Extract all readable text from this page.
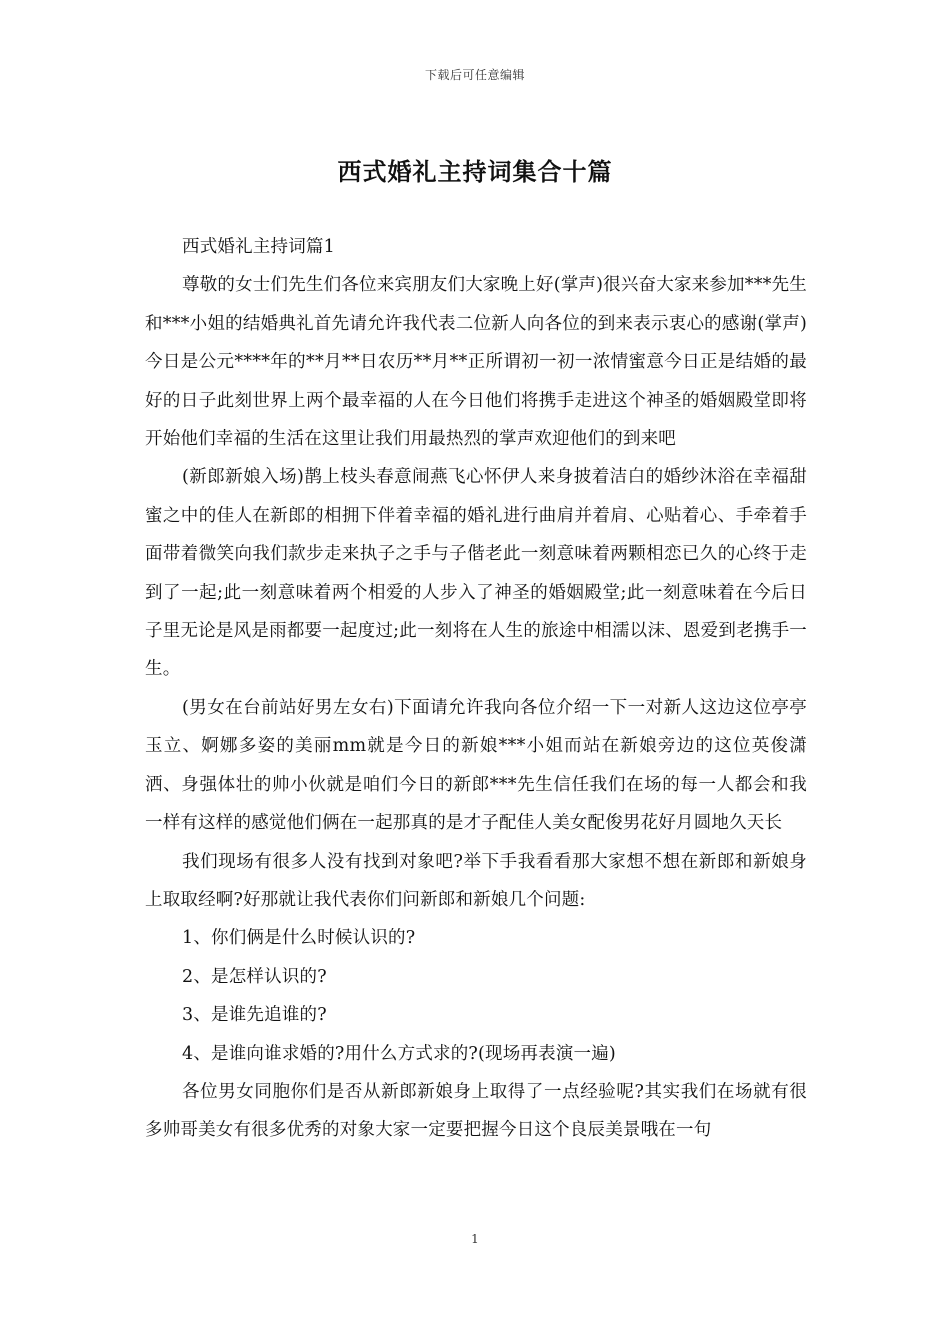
下载后可任意编辑
西式婚礼主持词集合十篇

西式婚礼主持词篇1

尊敬的女士们先生们各位来宾朋友们大家晚上好(掌声)很兴奋大家来参加***先生和***小姐的结婚典礼首先请允许我代表二位新人向各位的到来表示衷心的感谢(掌声)今日是公元****年的**月**日农历**月**正所谓初一初一浓情蜜意今日正是结婚的最好的日子此刻世界上两个最幸福的人在今日他们将携手走进这个神圣的婚姻殿堂即将开始他们幸福的生活在这里让我们用最热烈的掌声欢迎他们的到来吧

(新郎新娘入场)鹊上枝头春意闹燕飞心怀伊人来身披着洁白的婚纱沐浴在幸福甜蜜之中的佳人在新郎的相拥下伴着幸福的婚礼进行曲肩并着肩、心贴着心、手牵着手面带着微笑向我们款步走来执子之手与子偕老此一刻意味着两颗相恋已久的心终于走到了一起;此一刻意味着两个相爱的人步入了神圣的婚姻殿堂;此一刻意味着在今后日子里无论是风是雨都要一起度过;此一刻将在人生的旅途中相濡以沫、恩爱到老携手一生。

(男女在台前站好男左女右)下面请允许我向各位介绍一下一对新人这边这位亭亭玉立、婀娜多姿的美丽mm就是今日的新娘***小姐而站在新娘旁边的这位英俊潇洒、身强体壮的帅小伙就是咱们今日的新郎***先生信任我们在场的每一人都会和我一样有这样的感觉他们俩在一起那真的是才子配佳人美女配俊男花好月圆地久天长

我们现场有很多人没有找到对象吧?举下手我看看那大家想不想在新郎和新娘身上取取经啊?好那就让我代表你们问新郎和新娘几个问题:

1、你们俩是什么时候认识的?

2、是怎样认识的?

3、是谁先追谁的?

4、是谁向谁求婚的?用什么方式求的?(现场再表演一遍)

各位男女同胞你们是否从新郎新娘身上取得了一点经验呢?其实我们在场就有很多帅哥美女有很多优秀的对象大家一定要把握今日这个良辰美景哦在一句

1
